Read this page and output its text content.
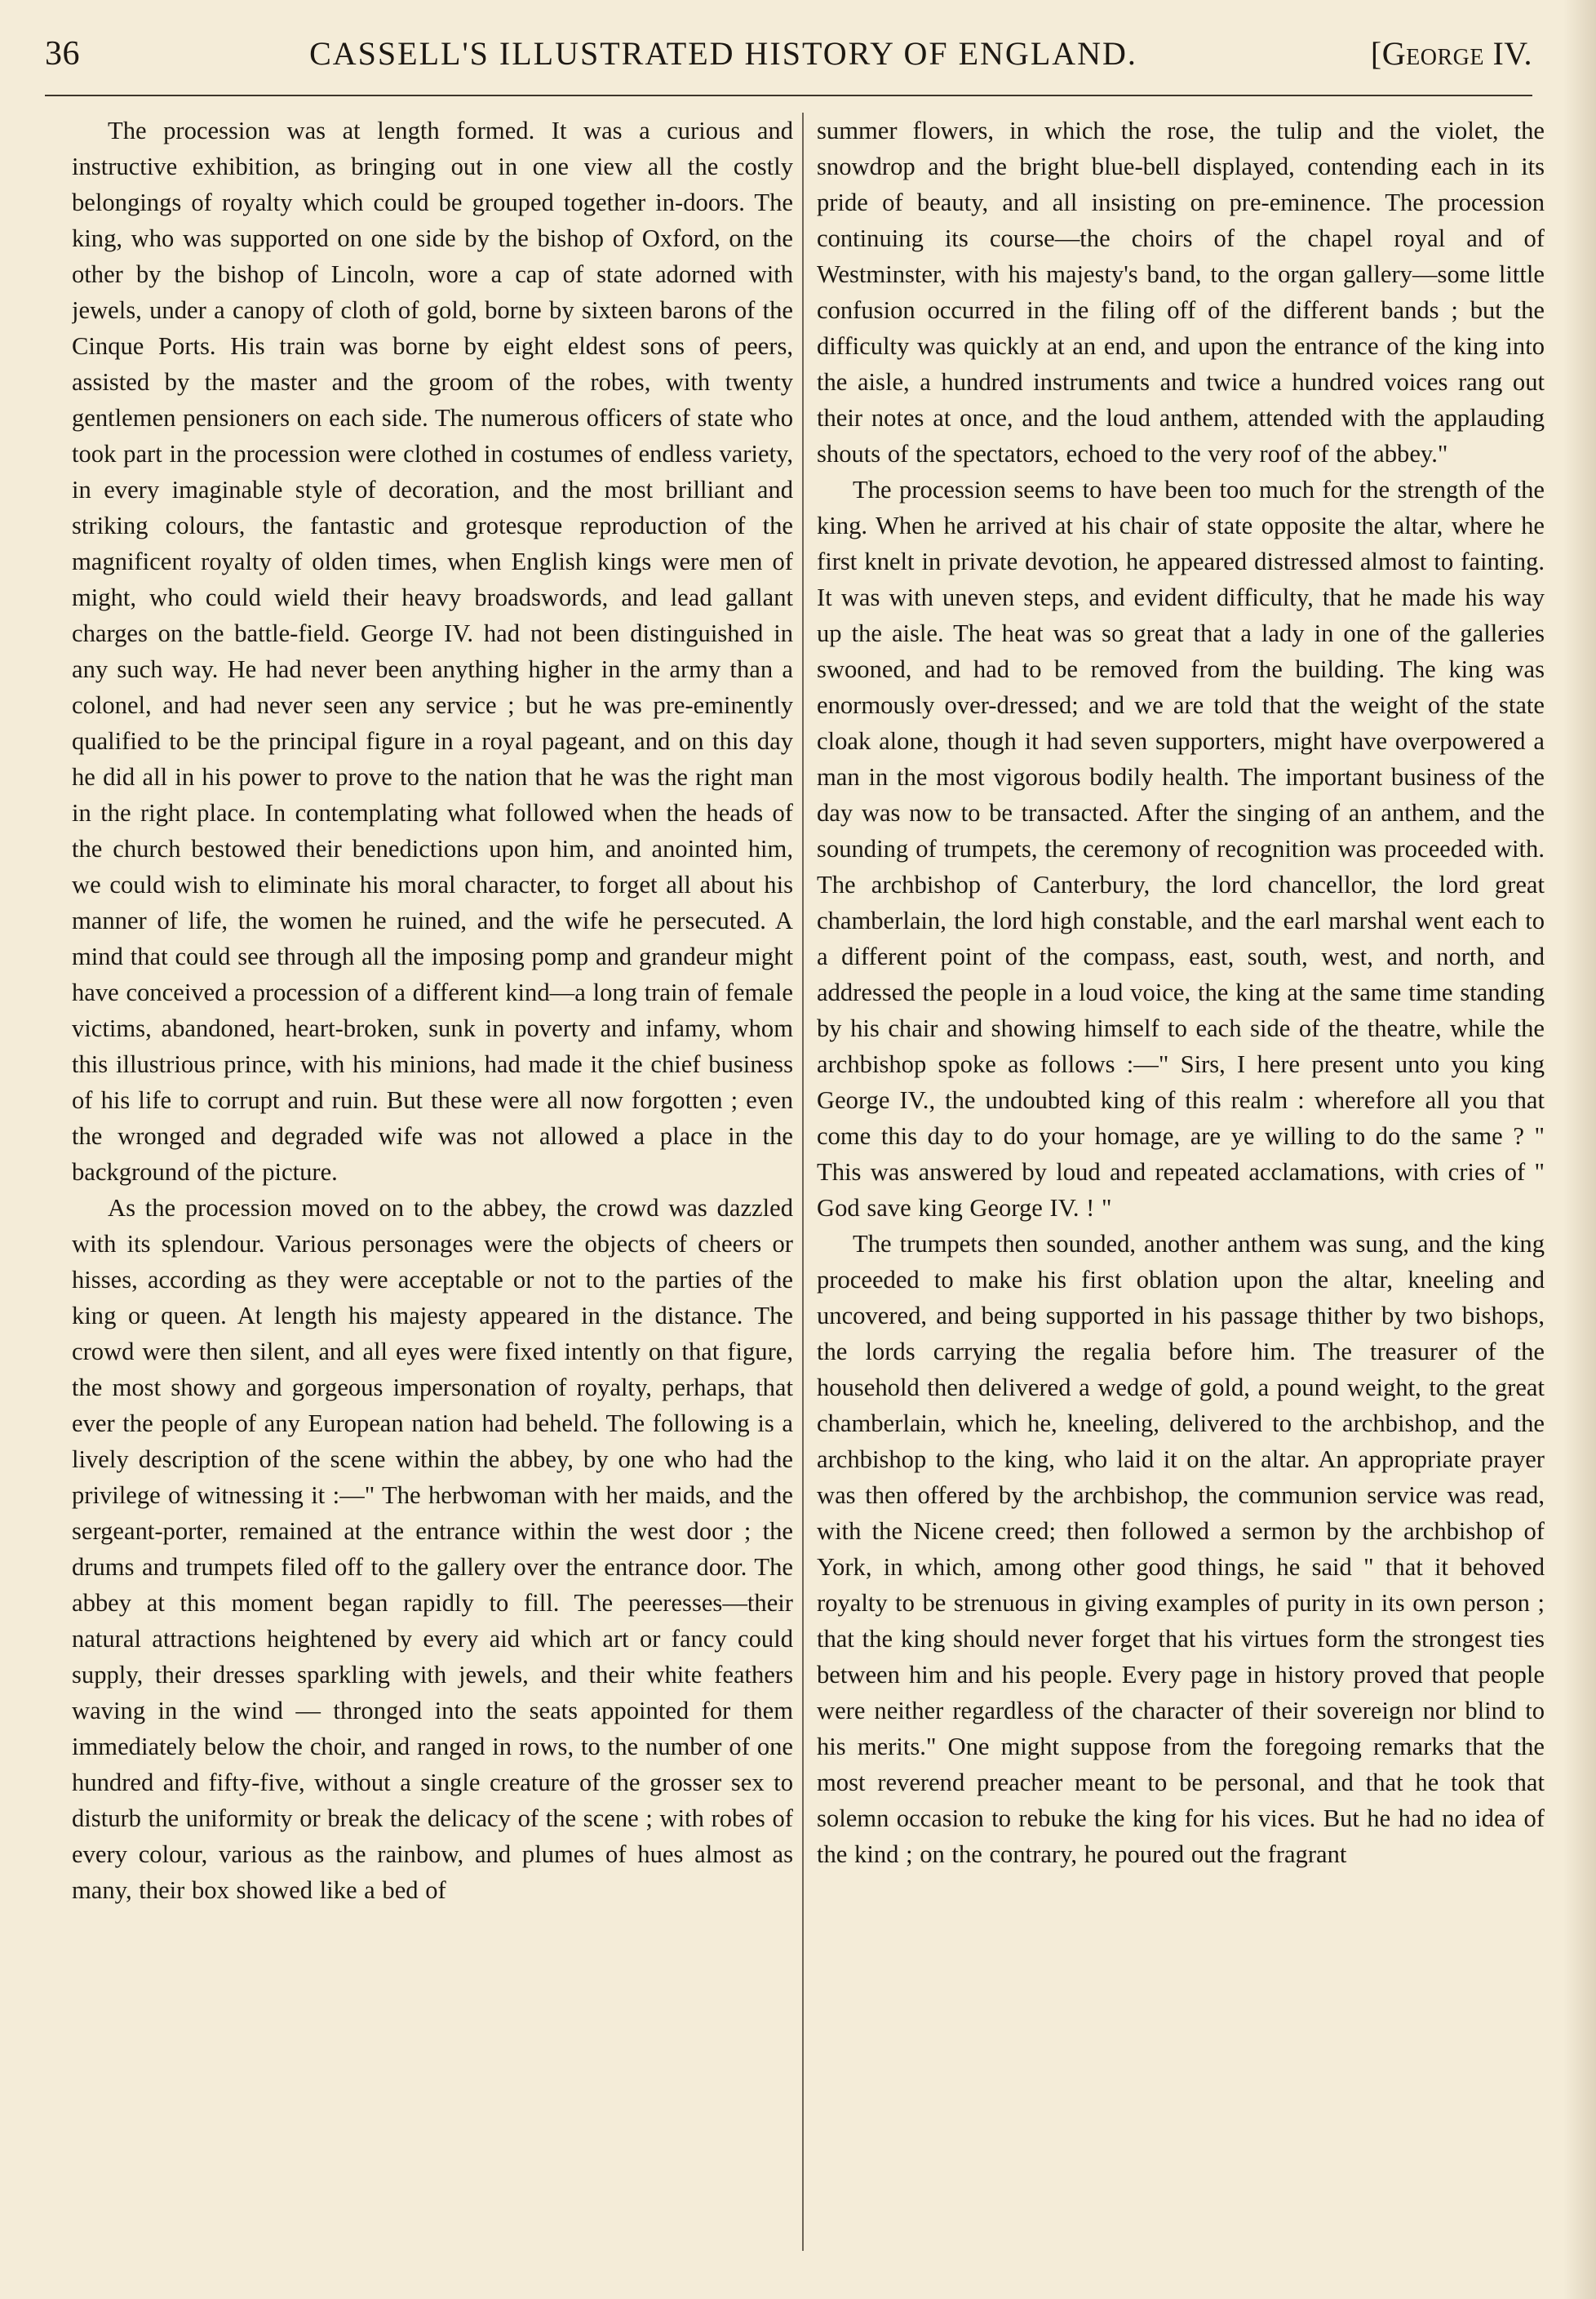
36	CASSELL'S ILLUSTRATED HISTORY OF ENGLAND.	[George IV.

The procession was at length formed. It was a curious and instructive exhibition, as bringing out in one view all the costly belongings of royalty which could be grouped together in-doors. The king, who was supported on one side by the bishop of Oxford, on the other by the bishop of Lincoln, wore a cap of state adorned with jewels, under a canopy of cloth of gold, borne by sixteen barons of the Cinque Ports. His train was borne by eight eldest sons of peers, assisted by the master and the groom of the robes, with twenty gentlemen pensioners on each side. The numerous officers of state who took part in the procession were clothed in costumes of endless variety, in every imaginable style of decoration, and the most brilliant and striking colours, the fantastic and grotesque reproduction of the magnificent royalty of olden times, when English kings were men of might, who could wield their heavy broadswords, and lead gallant charges on the battle-field. George IV. had not been distinguished in any such way. He had never been anything higher in the army than a colonel, and had never seen any service ; but he was pre-eminently qualified to be the principal figure in a royal pageant, and on this day he did all in his power to prove to the nation that he was the right man in the right place. In contemplating what followed when the heads of the church bestowed their benedictions upon him, and anointed him, we could wish to eliminate his moral character, to forget all about his manner of life, the women he ruined, and the wife he persecuted. A mind that could see through all the imposing pomp and grandeur might have conceived a procession of a different kind—a long train of female victims, abandoned, heart-broken, sunk in poverty and infamy, whom this illustrious prince, with his minions, had made it the chief business of his life to corrupt and ruin. But these were all now forgotten ; even the wronged and degraded wife was not allowed a place in the background of the picture.

As the procession moved on to the abbey, the crowd was dazzled with its splendour. Various personages were the objects of cheers or hisses, according as they were acceptable or not to the parties of the king or queen. At length his majesty appeared in the distance. The crowd were then silent, and all eyes were fixed intently on that figure, the most showy and gorgeous impersonation of royalty, perhaps, that ever the people of any European nation had beheld. The following is a lively description of the scene within the abbey, by one who had the privilege of witnessing it :—" The herbwoman with her maids, and the sergeant-porter, remained at the entrance within the west door ; the drums and trumpets filed off to the gallery over the entrance door. The abbey at this moment began rapidly to fill. The peeresses—their natural attractions heightened by every aid which art or fancy could supply, their dresses sparkling with jewels, and their white feathers waving in the wind — thronged into the seats appointed for them immediately below the choir, and ranged in rows, to the number of one hundred and fifty-five, without a single creature of the grosser sex to disturb the uniformity or break the delicacy of the scene ; with robes of every colour, various as the rainbow, and plumes of hues almost as many, their box showed like a bed of

summer flowers, in which the rose, the tulip and the violet, the snowdrop and the bright blue-bell displayed, contending each in its pride of beauty, and all insisting on pre-eminence. The procession continuing its course—the choirs of the chapel royal and of Westminster, with his majesty's band, to the organ gallery—some little confusion occurred in the filing off of the different bands ; but the difficulty was quickly at an end, and upon the entrance of the king into the aisle, a hundred instruments and twice a hundred voices rang out their notes at once, and the loud anthem, attended with the applauding shouts of the spectators, echoed to the very roof of the abbey."

The procession seems to have been too much for the strength of the king. When he arrived at his chair of state opposite the altar, where he first knelt in private devotion, he appeared distressed almost to fainting. It was with uneven steps, and evident difficulty, that he made his way up the aisle. The heat was so great that a lady in one of the galleries swooned, and had to be removed from the building. The king was enormously over-dressed; and we are told that the weight of the state cloak alone, though it had seven supporters, might have overpowered a man in the most vigorous bodily health. The important business of the day was now to be transacted. After the singing of an anthem, and the sounding of trumpets, the ceremony of recognition was proceeded with. The archbishop of Canterbury, the lord chancellor, the lord great chamberlain, the lord high constable, and the earl marshal went each to a different point of the compass, east, south, west, and north, and addressed the people in a loud voice, the king at the same time standing by his chair and showing himself to each side of the theatre, while the archbishop spoke as follows :—" Sirs, I here present unto you king George IV., the undoubted king of this realm : wherefore all you that come this day to do your homage, are ye willing to do the same ? " This was answered by loud and repeated acclamations, with cries of " God save king George IV. ! "

The trumpets then sounded, another anthem was sung, and the king proceeded to make his first oblation upon the altar, kneeling and uncovered, and being supported in his passage thither by two bishops, the lords carrying the regalia before him. The treasurer of the household then delivered a wedge of gold, a pound weight, to the great chamberlain, which he, kneeling, delivered to the archbishop, and the archbishop to the king, who laid it on the altar. An appropriate prayer was then offered by the archbishop, the communion service was read, with the Nicene creed; then followed a sermon by the archbishop of York, in which, among other good things, he said " that it behoved royalty to be strenuous in giving examples of purity in its own person ; that the king should never forget that his virtues form the strongest ties between him and his people. Every page in history proved that people were neither regardless of the character of their sovereign nor blind to his merits." One might suppose from the foregoing remarks that the most reverend preacher meant to be personal, and that he took that solemn occasion to rebuke the king for his vices. But he had no idea of the kind ; on the contrary, he poured out the fragrant
